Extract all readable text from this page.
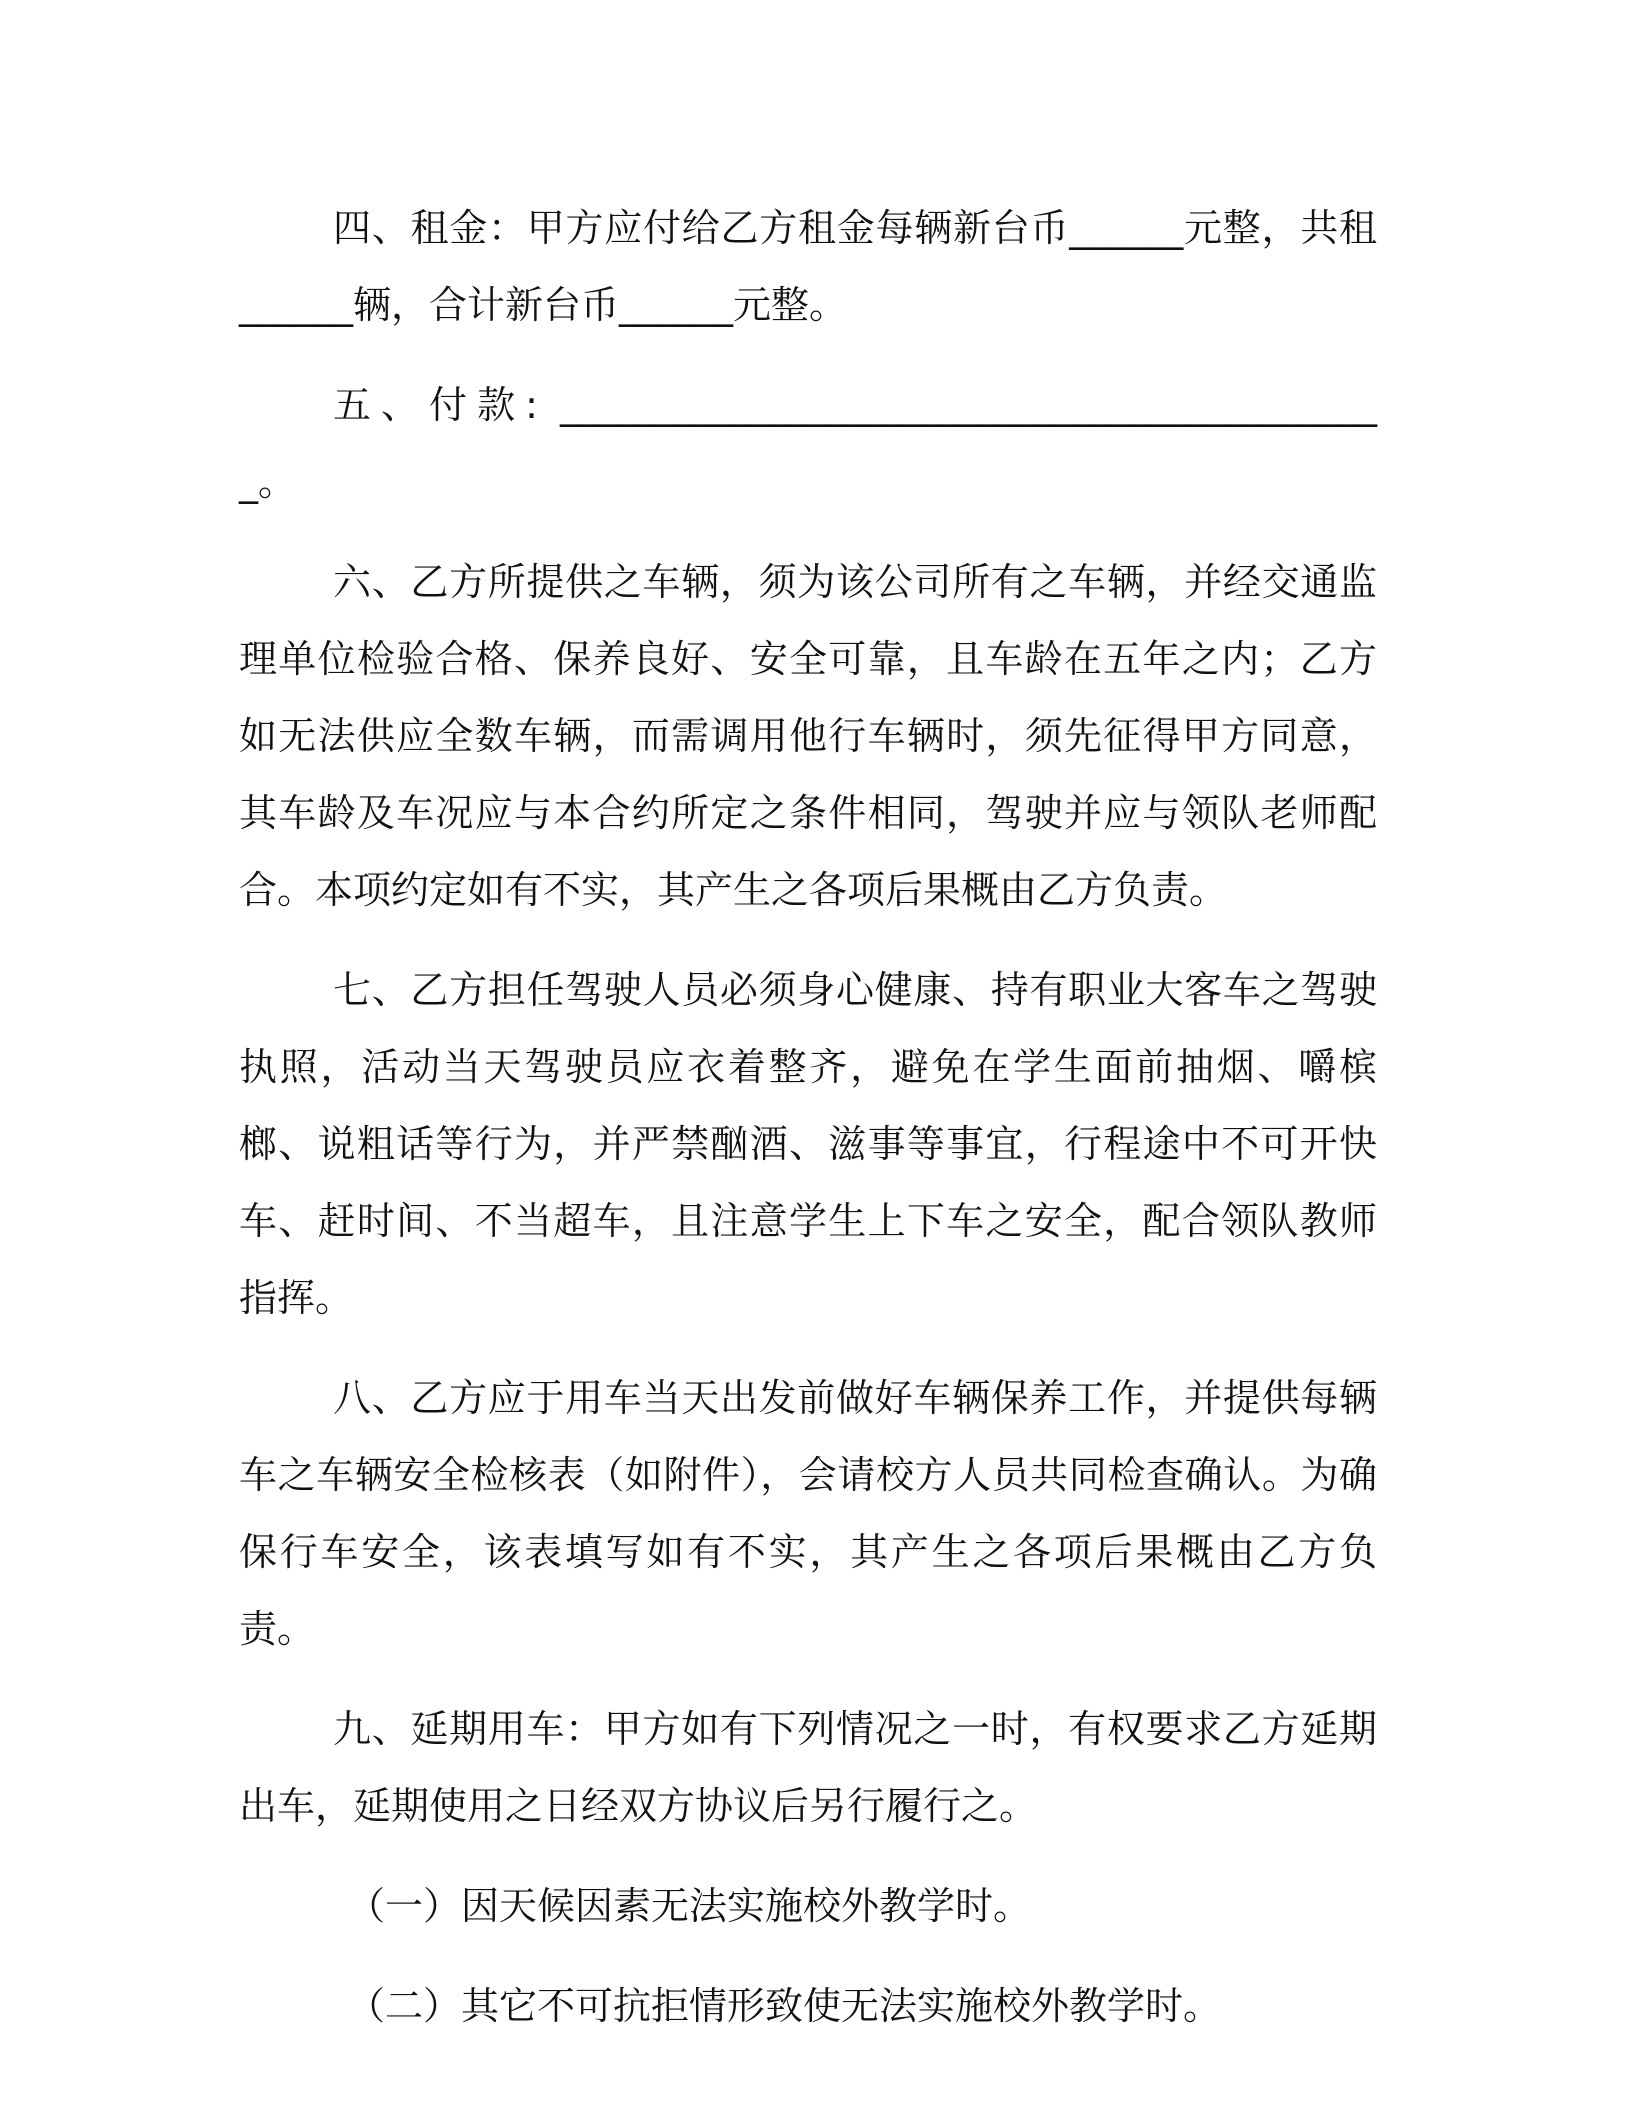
四、租金：甲方应付给乙方租金每辆新台币______元整，共租______辆，合计新台币______元整。

五、付款: ____________________________________________。

六、乙方所提供之车辆，须为该公司所有之车辆，并经交通监理单位检验合格、保养良好、安全可靠，且车龄在五年之内；乙方如无法供应全数车辆，而需调用他行车辆时，须先征得甲方同意，其车龄及车况应与本合约所定之条件相同，驾驶并应与领队老师配合。本项约定如有不实，其产生之各项后果概由乙方负责。

七、乙方担任驾驶人员必须身心健康、持有职业大客车之驾驶执照，活动当天驾驶员应衣着整齐，避免在学生面前抽烟、嚼槟榔、说粗话等行为，并严禁酗酒、滋事等事宜，行程途中不可开快车、赶时间、不当超车，且注意学生上下车之安全，配合领队教师指挥。

八、乙方应于用车当天出发前做好车辆保养工作，并提供每辆车之车辆安全检核表（如附件），会请校方人员共同检查确认。为确保行车安全，该表填写如有不实，其产生之各项后果概由乙方负责。

九、延期用车：甲方如有下列情况之一时，有权要求乙方延期出车，延期使用之日经双方协议后另行履行之。

（一）因天候因素无法实施校外教学时。

（二）其它不可抗拒情形致使无法实施校外教学时。
